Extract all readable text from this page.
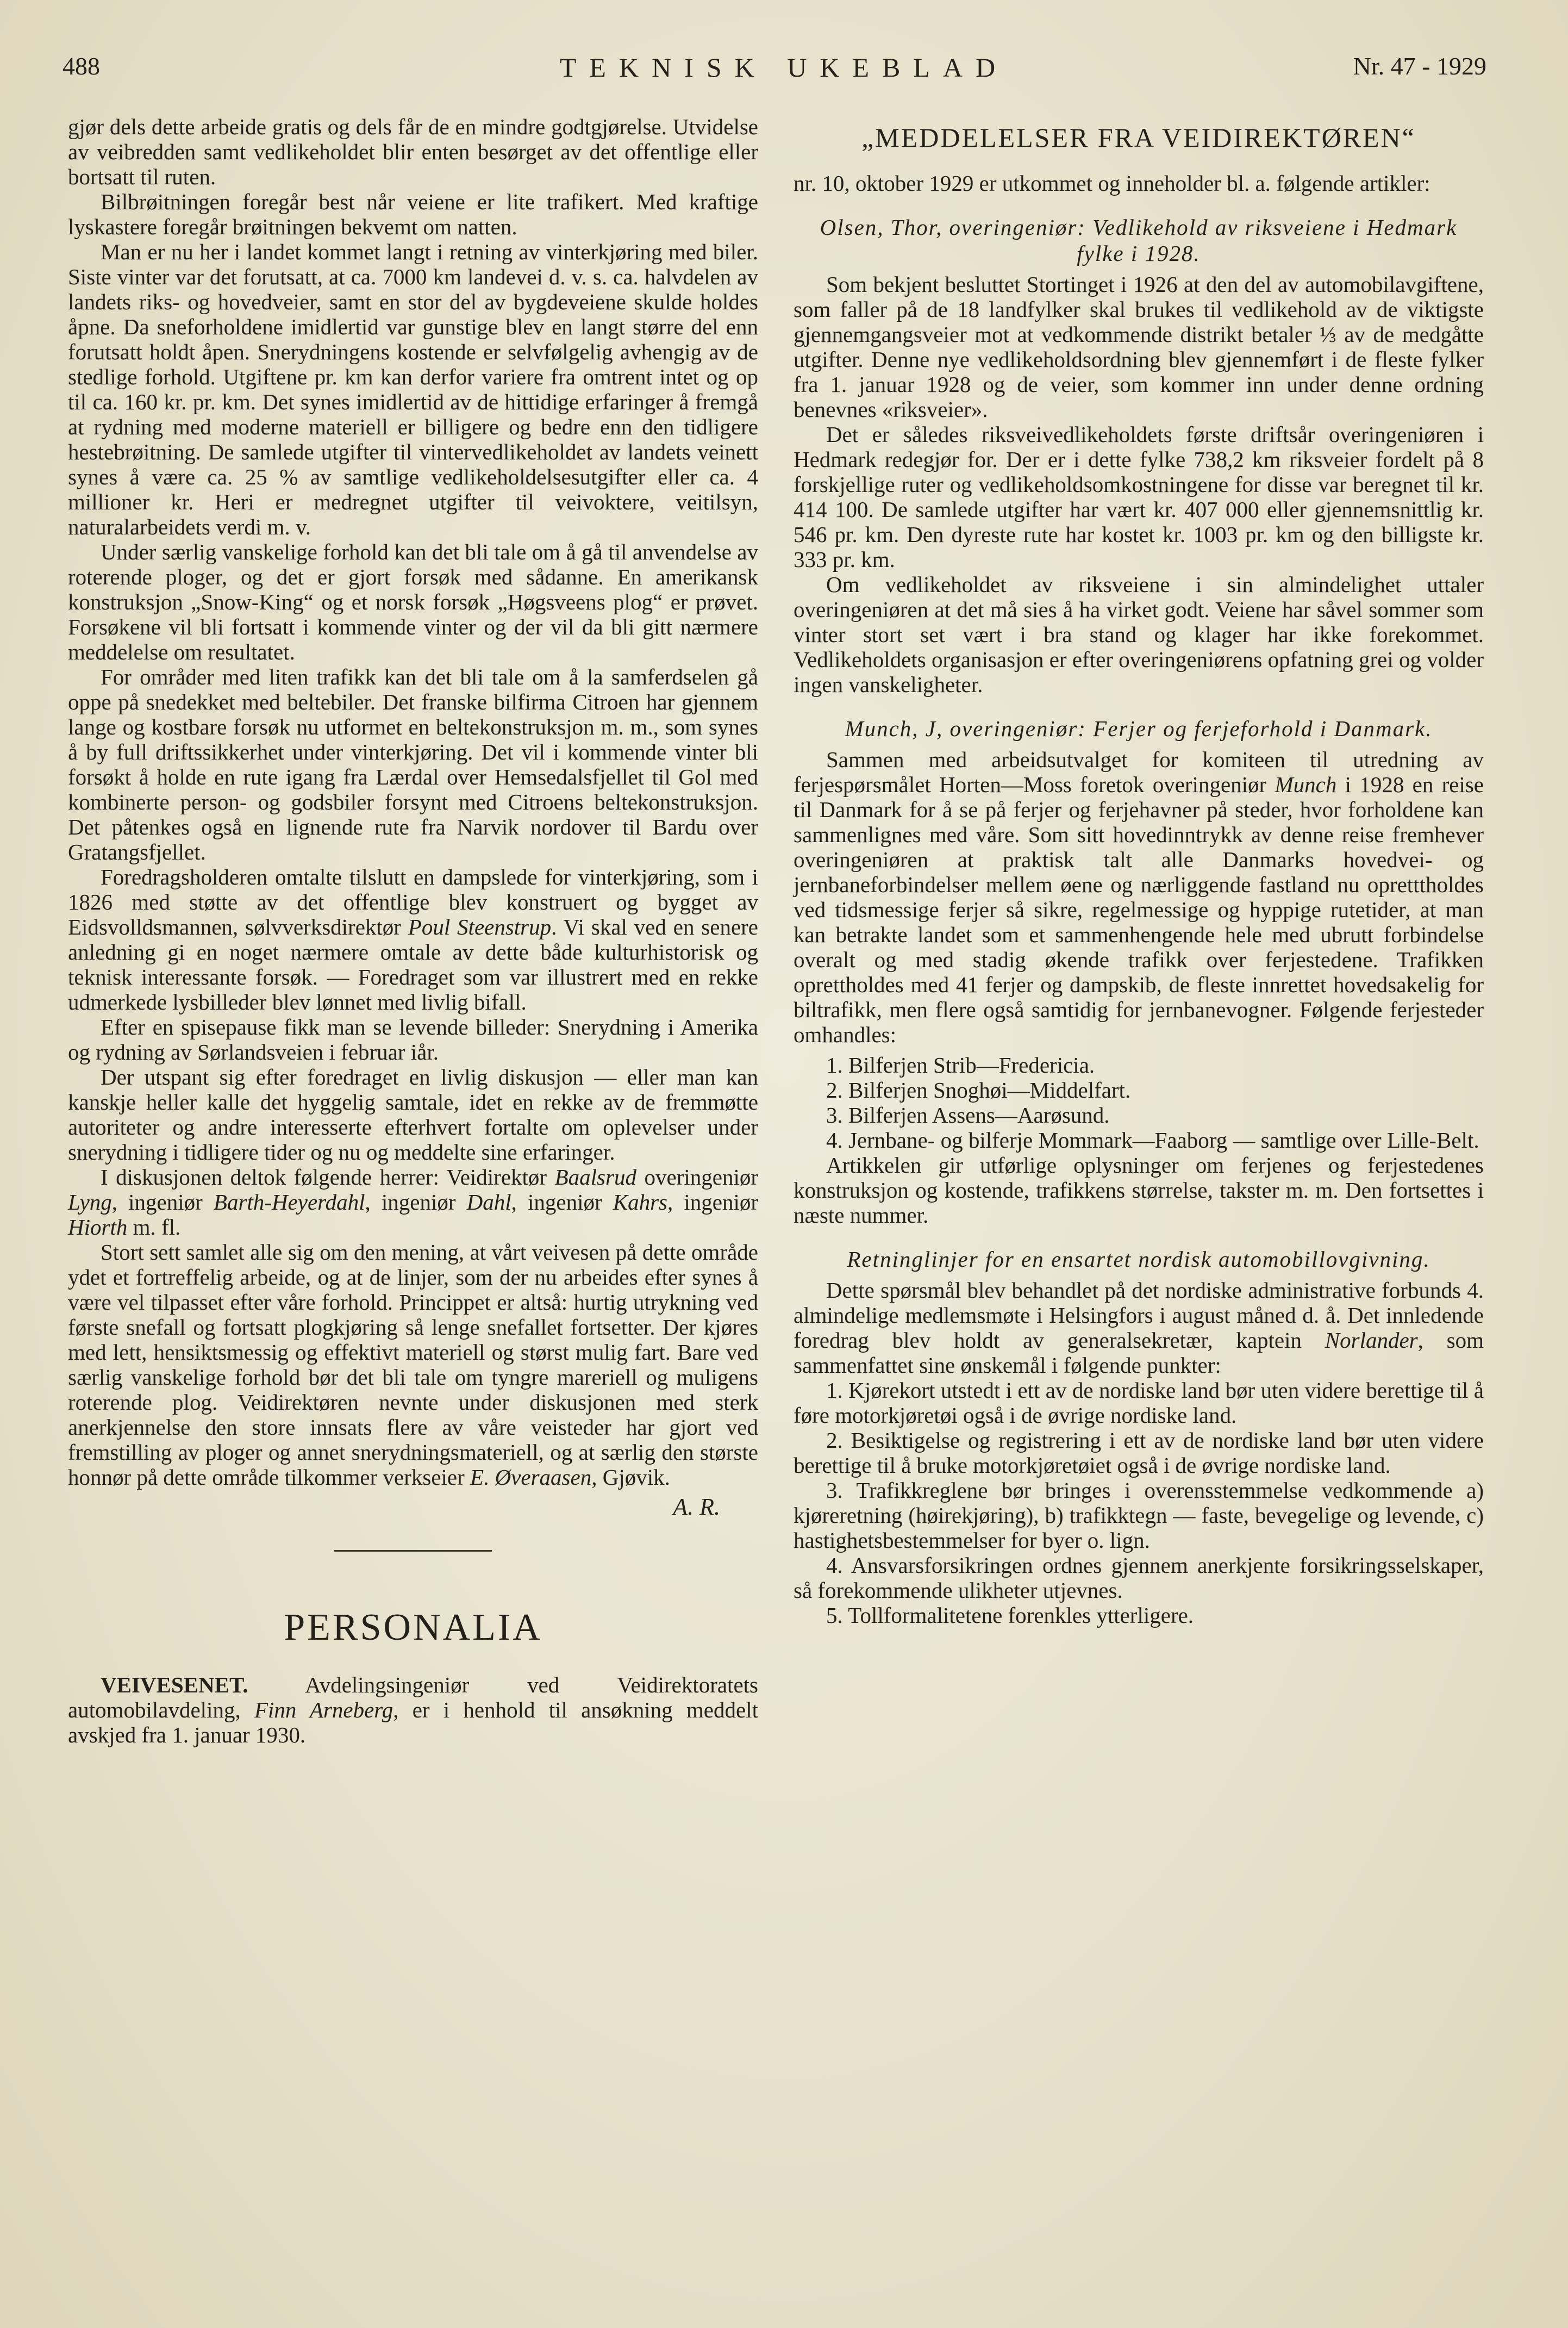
488	TEKNISK UKEBLAD	Nr. 47 - 1929

gjør dels dette arbeide gratis og dels får de en mindre godtgjørelse. Utvidelse av veibredden samt vedlikeholdet blir enten besørget av det offentlige eller bortsatt til ruten.

Bilbrøitningen foregår best når veiene er lite trafikert. Med kraftige lyskastere foregår brøitningen bekvemt om natten.

Man er nu her i landet kommet langt i retning av vinterkjøring med biler. Siste vinter var det forutsatt, at ca. 7000 km landevei d. v. s. ca. halvdelen av landets riks- og hovedveier, samt en stor del av bygdeveiene skulde holdes åpne. Da sneforholdene imidlertid var gunstige blev en langt større del enn forutsatt holdt åpen. Snerydningens kostende er selvfølgelig avhengig av de stedlige forhold. Utgiftene pr. km kan derfor variere fra omtrent intet og op til ca. 160 kr. pr. km. Det synes imidlertid av de hittidige erfaringer å fremgå at rydning med moderne materiell er billigere og bedre enn den tidligere hestebrøitning. De samlede utgifter til vintervedlikeholdet av landets veinett synes å være ca. 25 % av samtlige vedlikeholdelsesutgifter eller ca. 4 millioner kr. Heri er medregnet utgifter til veivoktere, veitilsyn, naturalarbeidets verdi m. v.

Under særlig vanskelige forhold kan det bli tale om å gå til anvendelse av roterende ploger, og det er gjort forsøk med sådanne. En amerikansk konstruksjon „Snow-King“ og et norsk forsøk „Høgsveens plog“ er prøvet. Forsøkene vil bli fortsatt i kommende vinter og der vil da bli gitt nærmere meddelelse om resultatet.

For områder med liten trafikk kan det bli tale om å la samferdselen gå oppe på snedekket med beltebiler. Det franske bilfirma Citroen har gjennem lange og kostbare forsøk nu utformet en beltekonstruksjon m. m., som synes å by full driftssikkerhet under vinterkjøring. Det vil i kommende vinter bli forsøkt å holde en rute igang fra Lærdal over Hemsedalsfjellet til Gol med kombinerte person- og godsbiler forsynt med Citroens beltekonstruksjon. Det påtenkes også en lignende rute fra Narvik nordover til Bardu over Gratangsfjellet.

Foredragsholderen omtalte tilslutt en dampslede for vinterkjøring, som i 1826 med støtte av det offentlige blev konstruert og bygget av Eidsvolldsmannen, sølvverksdirektør Poul Steenstrup. Vi skal ved en senere anledning gi en noget nærmere omtale av dette både kulturhistorisk og teknisk interessante forsøk. — Foredraget som var illustrert med en rekke udmerkede lysbilleder blev lønnet med livlig bifall.

Efter en spisepause fikk man se levende billeder: Snerydning i Amerika og rydning av Sørlandsveien i februar iår.

Der utspant sig efter foredraget en livlig diskusjon — eller man kan kanskje heller kalle det hyggelig samtale, idet en rekke av de fremmøtte autoriteter og andre interesserte efterhvert fortalte om oplevelser under snerydning i tidligere tider og nu og meddelte sine erfaringer.

I diskusjonen deltok følgende herrer: Veidirektør Baalsrud overingeniør Lyng, ingeniør Barth-Heyerdahl, ingeniør Dahl, ingeniør Kahrs, ingeniør Hiorth m. fl.

Stort sett samlet alle sig om den mening, at vårt veivesen på dette område ydet et fortreffelig arbeide, og at de linjer, som der nu arbeides efter synes å være vel tilpasset efter våre forhold. Princippet er altså: hurtig utrykning ved første snefall og fortsatt plogkjøring så lenge snefallet fortsetter. Der kjøres med lett, hensiktsmessig og effektivt materiell og størst mulig fart. Bare ved særlig vanskelige forhold bør det bli tale om tyngre mareriell og muligens roterende plog. Veidirektøren nevnte under diskusjonen med sterk anerkjennelse den store innsats flere av våre veisteder har gjort ved fremstilling av ploger og annet snerydningsmateriell, og at særlig den største honnør på dette område tilkommer verkseier E. Øveraasen, Gjøvik.

A. R.
PERSONALIA

VEIVESENET. Avdelingsingeniør ved Veidirektoratets automobilavdeling, Finn Arneberg, er i henhold til ansøkning meddelt avskjed fra 1. januar 1930.

„MEDDELELSER FRA VEIDIREKTØREN“

nr. 10, oktober 1929 er utkommet og inneholder bl. a. følgende artikler:

Olsen, Thor, overingeniør: Vedlikehold av riksveiene i Hedmark fylke i 1928.

Som bekjent besluttet Stortinget i 1926 at den del av automobilavgiftene, som faller på de 18 landfylker skal brukes til vedlikehold av de viktigste gjennemgangsveier mot at vedkommende distrikt betaler ⅓ av de medgåtte utgifter. Denne nye vedlikeholdsordning blev gjennemført i de fleste fylker fra 1. januar 1928 og de veier, som kommer inn under denne ordning benevnes «riksveier».

Det er således riksveivedlikeholdets første driftsår overingeniøren i Hedmark redegjør for. Der er i dette fylke 738,2 km riksveier fordelt på 8 forskjellige ruter og vedlikeholdsomkostningene for disse var beregnet til kr. 414 100. De samlede utgifter har vært kr. 407 000 eller gjennemsnittlig kr. 546 pr. km. Den dyreste rute har kostet kr. 1003 pr. km og den billigste kr. 333 pr. km.

Om vedlikeholdet av riksveiene i sin almindelighet uttaler overingeniøren at det må sies å ha virket godt. Veiene har såvel sommer som vinter stort set vært i bra stand og klager har ikke forekommet. Vedlikeholdets organisasjon er efter overingeniørens opfatning grei og volder ingen vanskeligheter.

Munch, J, overingeniør: Ferjer og ferjeforhold i Danmark.

Sammen med arbeidsutvalget for komiteen til utredning av ferjespørsmålet Horten—Moss foretok overingeniør Munch i 1928 en reise til Danmark for å se på ferjer og ferjehavner på steder, hvor forholdene kan sammenlignes med våre. Som sitt hovedinntrykk av denne reise fremhever overingeniøren at praktisk talt alle Danmarks hovedvei- og jernbaneforbindelser mellem øene og nærliggende fastland nu opretttholdes ved tidsmessige ferjer så sikre, regelmessige og hyppige rutetider, at man kan betrakte landet som et sammenhengende hele med ubrutt forbindelse overalt og med stadig økende trafikk over ferjestedene. Trafikken oprettholdes med 41 ferjer og dampskib, de fleste innrettet hovedsakelig for biltrafikk, men flere også samtidig for jernbanevogner. Følgende ferjesteder omhandles:

1. Bilferjen Strib—Fredericia.
2. Bilferjen Snoghøi—Middelfart.
3. Bilferjen Assens—Aarøsund.
4. Jernbane- og bilferje Mommark—Faaborg — samtlige over Lille-Belt.

Artikkelen gir utførlige oplysninger om ferjenes og ferjestedenes konstruksjon og kostende, trafikkens størrelse, takster m. m. Den fortsettes i næste nummer.

Retninglinjer for en ensartet nordisk automobillovgivning.

Dette spørsmål blev behandlet på det nordiske administrative forbunds 4. almindelige medlemsmøte i Helsingfors i august måned d. å. Det innledende foredrag blev holdt av generalsekretær, kaptein Norlander, som sammenfattet sine ønskemål i følgende punkter:

1. Kjørekort utstedt i ett av de nordiske land bør uten videre berettige til å føre motorkjøretøi også i de øvrige nordiske land.

2. Besiktigelse og registrering i ett av de nordiske land bør uten videre berettige til å bruke motorkjøretøiet også i de øvrige nordiske land.

3. Trafikkreglene bør bringes i overensstemmelse vedkommende a) kjøreretning (høirekjøring), b) trafikktegn — faste, bevegelige og levende, c) hastighetsbestemmelser for byer o. lign.

4. Ansvarsforsikringen ordnes gjennem anerkjente forsikringsselskaper, så forekommende ulikheter utjevnes.

5. Tollformalitetene forenkles ytterligere.
